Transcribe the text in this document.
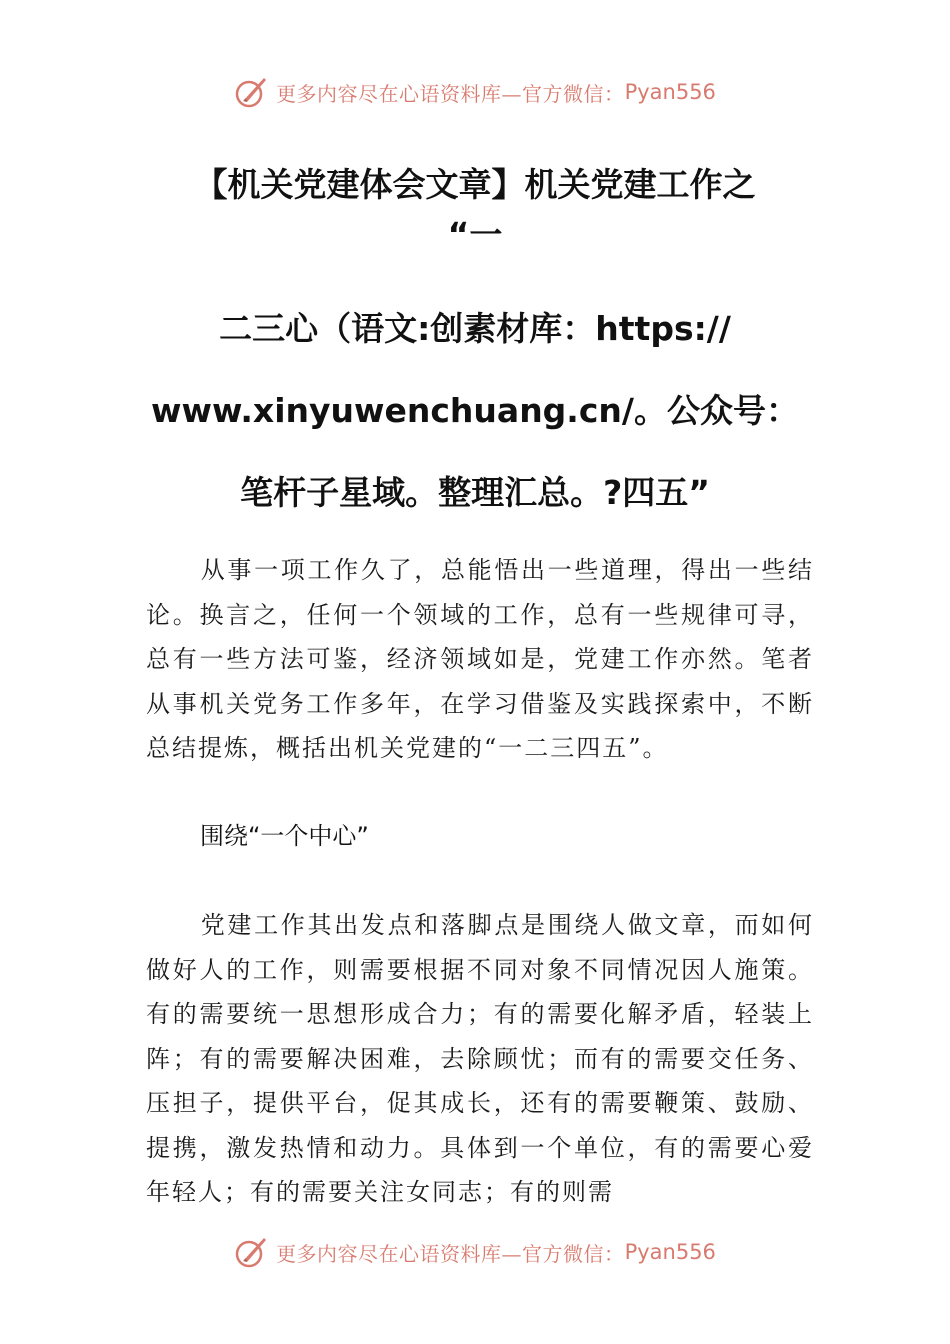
更多内容尽在心语资料库—官方微信： Pyan556
【机关党建体会文章】机关党建工作之
“一
二三心（语文:创素材库：https://
www.xinyuwenchuang.cn/。公众号：
笔杆子星域。整理汇总。?四五”

从事一项工作久了，总能悟出一些道理，得出一些结论。换言之，任何一个领域的工作，总有一些规律可寻，总有一些方法可鉴，经济领域如是，党建工作亦然。笔者从事机关党务工作多年，在学习借鉴及实践探索中，不断总结提炼，概括出机关党建的“一二三四五”。

围绕“一个中心”

党建工作其出发点和落脚点是围绕人做文章，而如何做好人的工作，则需要根据不同对象不同情况因人施策。有的需要统一思想形成合力；有的需要化解矛盾，轻装上阵；有的需要解决困难，去除顾忧；而有的需要交任务、压担子，提供平台，促其成长，还有的需要鞭策、鼓励、提携，激发热情和动力。具体到一个单位，有的需要心爱年轻人；有的需要关注女同志；有的则需

更多内容尽在心语资料库—官方微信： Pyan556
